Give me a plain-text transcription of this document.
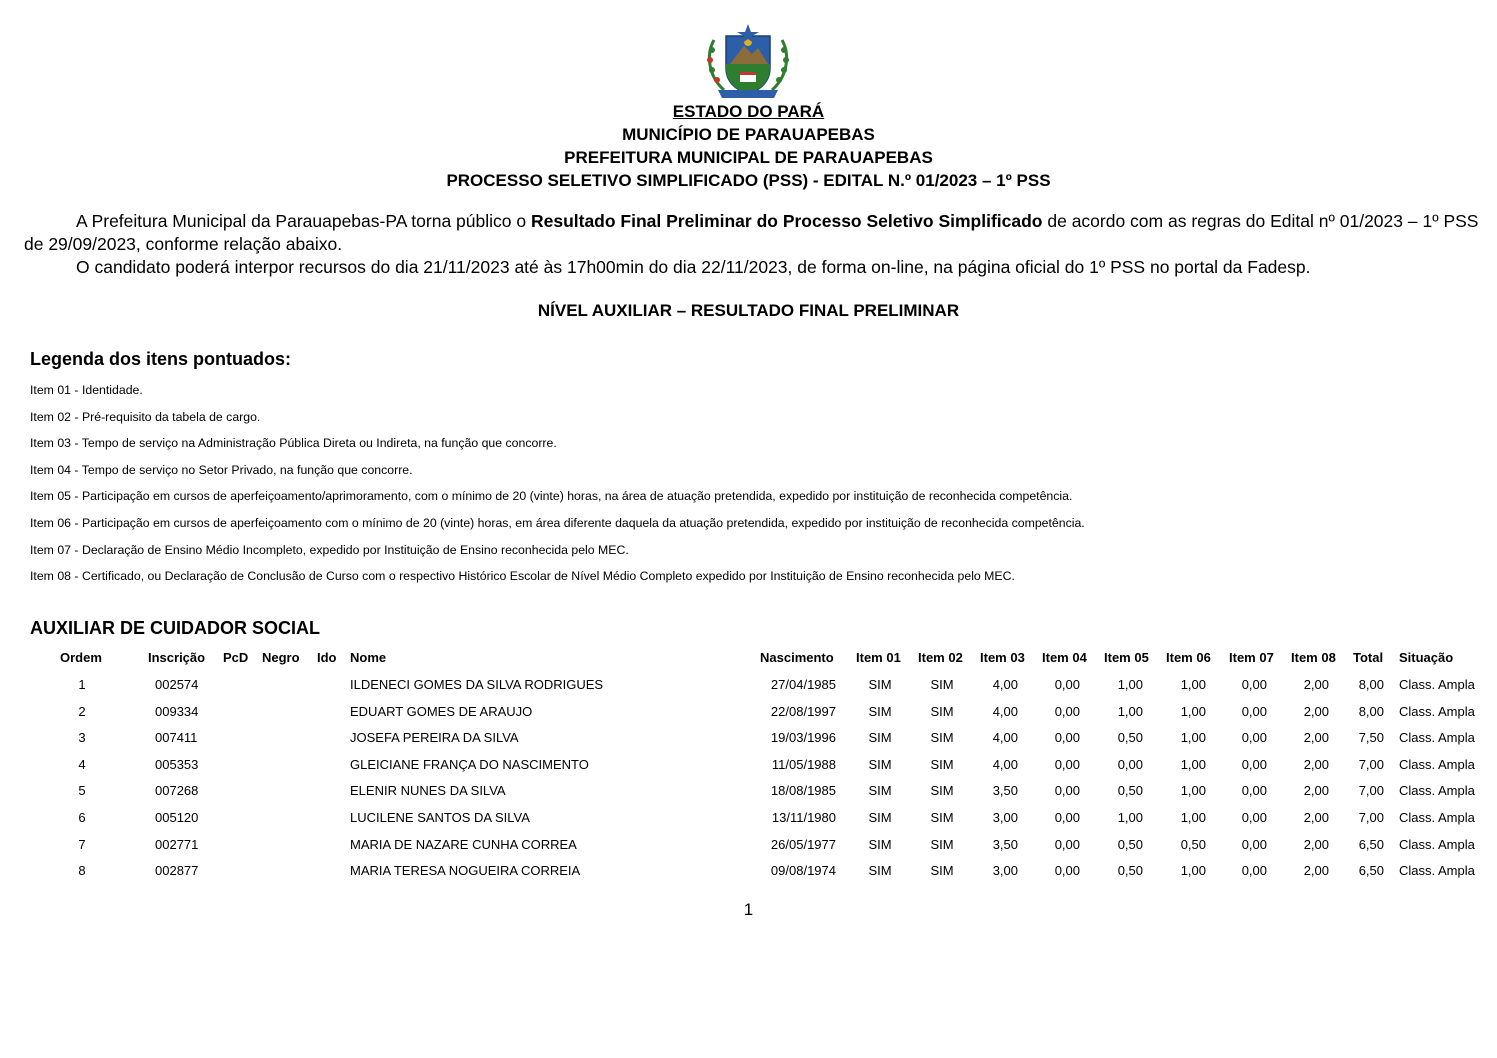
ESTADO DO PARÁ
MUNICÍPIO DE PARAUAPEBAS
PREFEITURA MUNICIPAL DE PARAUAPEBAS
PROCESSO SELETIVO SIMPLIFICADO (PSS) - EDITAL N.º 01/2023 – 1º PSS

A Prefeitura Municipal da Parauapebas-PA torna público o Resultado Final Preliminar do Processo Seletivo Simplificado de acordo com as regras do Edital nº 01/2023 – 1º PSS de 29/09/2023, conforme relação abaixo.

O candidato poderá interpor recursos do dia 21/11/2023 até às 17h00min do dia 22/11/2023, de forma on-line, na página oficial do 1º PSS no portal da Fadesp.

NÍVEL AUXILIAR – RESULTADO FINAL PRELIMINAR
Legenda dos itens pontuados:
Item 01 - Identidade.
Item 02 - Pré-requisito da tabela de cargo.
Item 03 - Tempo de serviço na Administração Pública Direta ou Indireta, na função que concorre.
Item 04 - Tempo de serviço no Setor Privado, na função que concorre.
Item 05 - Participação em cursos de aperfeiçoamento/aprimoramento, com o mínimo de 20 (vinte) horas, na área de atuação pretendida, expedido por instituição de reconhecida competência.
Item 06 - Participação em cursos de aperfeiçoamento com o mínimo de 20 (vinte) horas, em área diferente daquela da atuação pretendida, expedido por instituição de reconhecida competência.
Item 07 - Declaração de Ensino Médio Incompleto, expedido por Instituição de Ensino reconhecida pelo MEC.
Item 08 - Certificado, ou Declaração de Conclusão de Curso com o respectivo Histórico Escolar de Nível Médio Completo expedido por Instituição de Ensino reconhecida pelo MEC.
AUXILIAR DE CUIDADOR SOCIAL
Ordem	Inscrição PcD Negro Ido Nome	Nascimento Item 01 Item 02 Item 03 Item 04 Item 05 Item 06 Item 07 Item 08 Total Situação
1	002574	ILDENECI GOMES DA SILVA RODRIGUES	27/04/1985	SIM	SIM	4,00	0,00	1,00	1,00	0,00	2,00	8,00 Class. Ampla
2	009334	EDUART GOMES DE ARAUJO	22/08/1997	SIM	SIM	4,00	0,00	1,00	1,00	0,00	2,00	8,00 Class. Ampla
3	007411	JOSEFA PEREIRA DA SILVA	19/03/1996	SIM	SIM	4,00	0,00	0,50	1,00	0,00	2,00	7,50 Class. Ampla
4	005353	GLEICIANE FRANÇA DO NASCIMENTO	11/05/1988	SIM	SIM	4,00	0,00	0,00	1,00	0,00	2,00	7,00 Class. Ampla
5	007268	ELENIR NUNES DA SILVA	18/08/1985	SIM	SIM	3,50	0,00	0,50	1,00	0,00	2,00	7,00 Class. Ampla
6	005120	LUCILENE SANTOS DA SILVA	13/11/1980	SIM	SIM	3,00	0,00	1,00	1,00	0,00	2,00	7,00 Class. Ampla
7	002771	MARIA DE NAZARE CUNHA CORREA	26/05/1977	SIM	SIM	3,50	0,00	0,50	0,50	0,00	2,00	6,50 Class. Ampla
8	002877	MARIA TERESA NOGUEIRA CORREIA	09/08/1974	SIM	SIM	3,00	0,00	0,50	1,00	0,00	2,00	6,50 Class. Ampla
1
